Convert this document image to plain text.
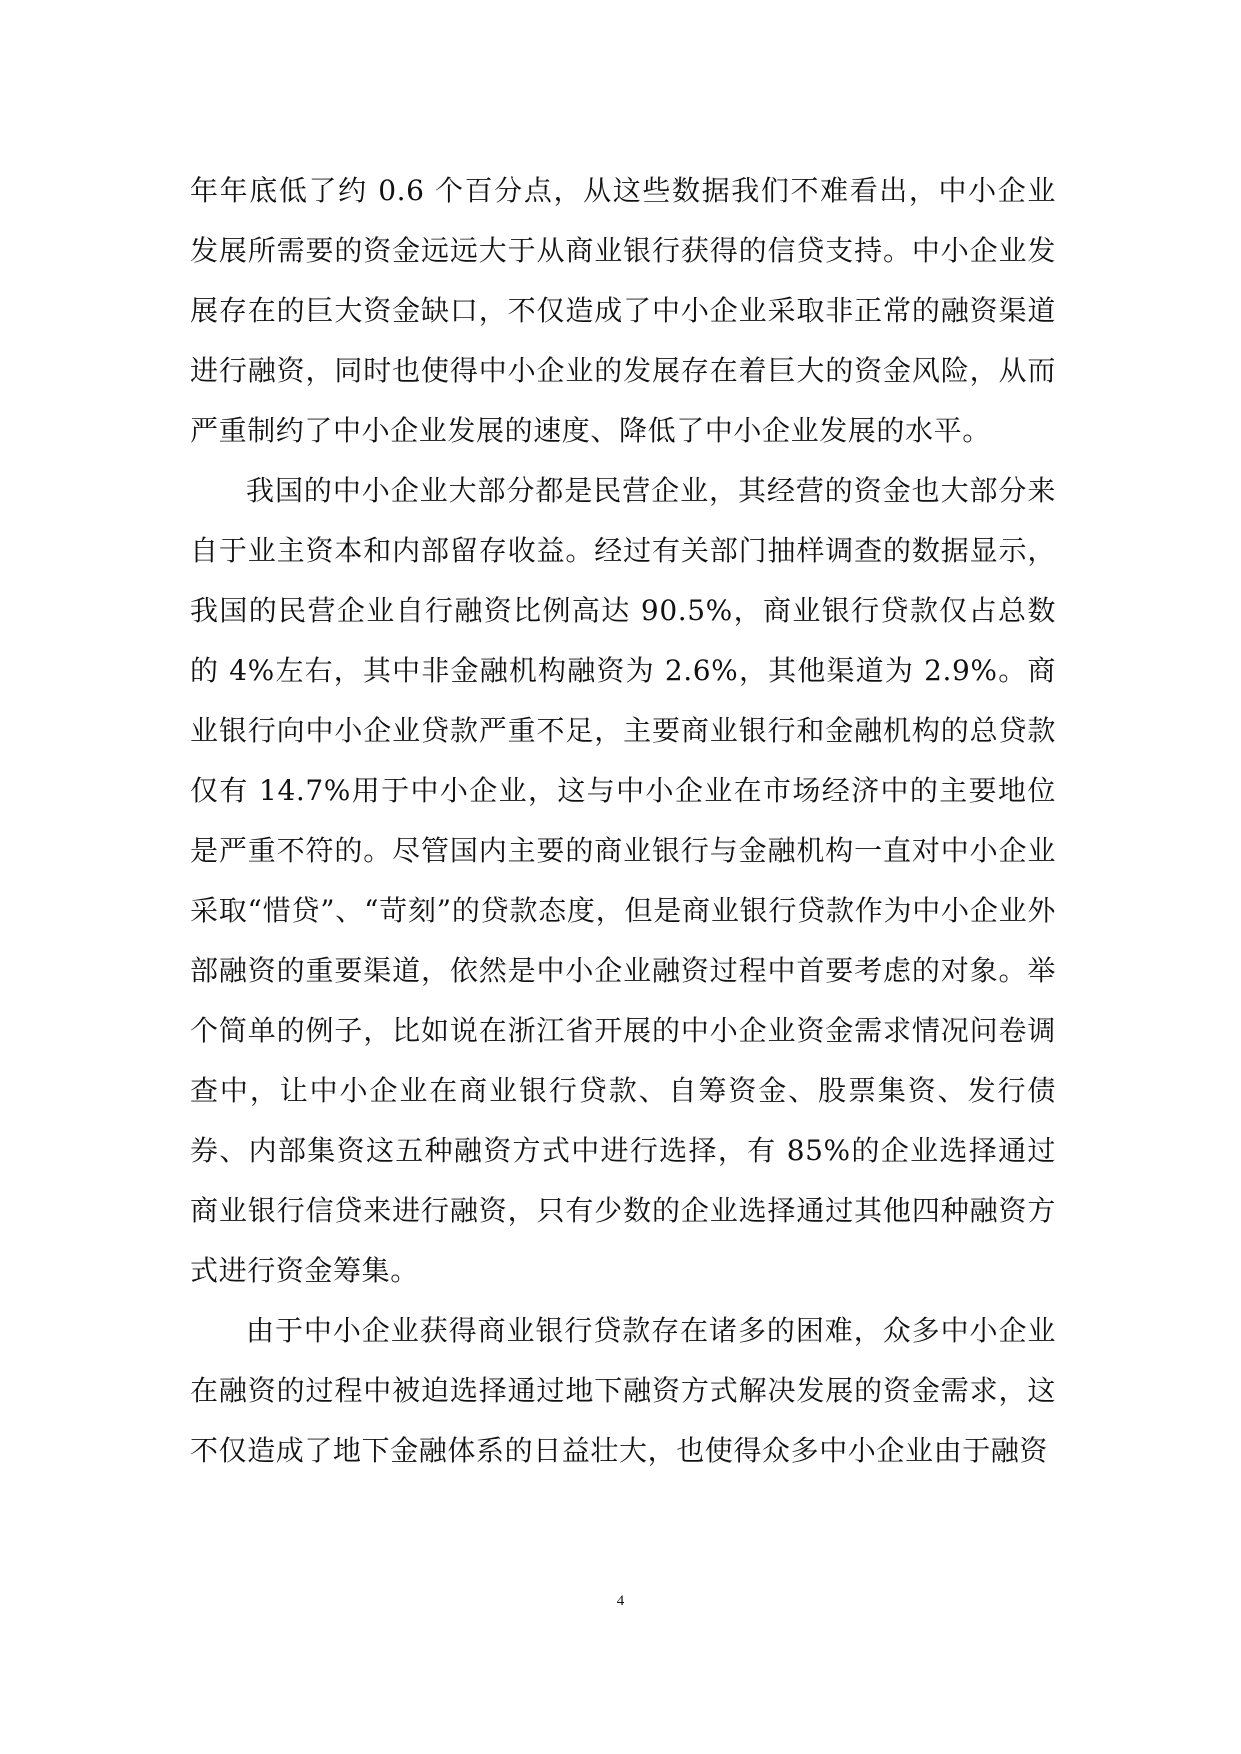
年年底低了约 0.6 个百分点，从这些数据我们不难看出，中小企业发展所需要的资金远远大于从商业银行获得的信贷支持。中小企业发展存在的巨大资金缺口，不仅造成了中小企业采取非正常的融资渠道进行融资，同时也使得中小企业的发展存在着巨大的资金风险，从而严重制约了中小企业发展的速度、降低了中小企业发展的水平。

我国的中小企业大部分都是民营企业，其经营的资金也大部分来自于业主资本和内部留存收益。经过有关部门抽样调查的数据显示，我国的民营企业自行融资比例高达 90.5%，商业银行贷款仅占总数的 4%左右，其中非金融机构融资为 2.6%，其他渠道为 2.9%。商业银行向中小企业贷款严重不足，主要商业银行和金融机构的总贷款仅有 14.7%用于中小企业，这与中小企业在市场经济中的主要地位是严重不符的。尽管国内主要的商业银行与金融机构一直对中小企业采取“惜贷”、“苛刻”的贷款态度，但是商业银行贷款作为中小企业外部融资的重要渠道，依然是中小企业融资过程中首要考虑的对象。举个简单的例子，比如说在浙江省开展的中小企业资金需求情况问卷调查中，让中小企业在商业银行贷款、自筹资金、股票集资、发行债券、内部集资这五种融资方式中进行选择，有 85%的企业选择通过商业银行信贷来进行融资，只有少数的企业选择通过其他四种融资方式进行资金筹集。

由于中小企业获得商业银行贷款存在诸多的困难，众多中小企业在融资的过程中被迫选择通过地下融资方式解决发展的资金需求，这不仅造成了地下金融体系的日益壮大，也使得众多中小企业由于融资

4
